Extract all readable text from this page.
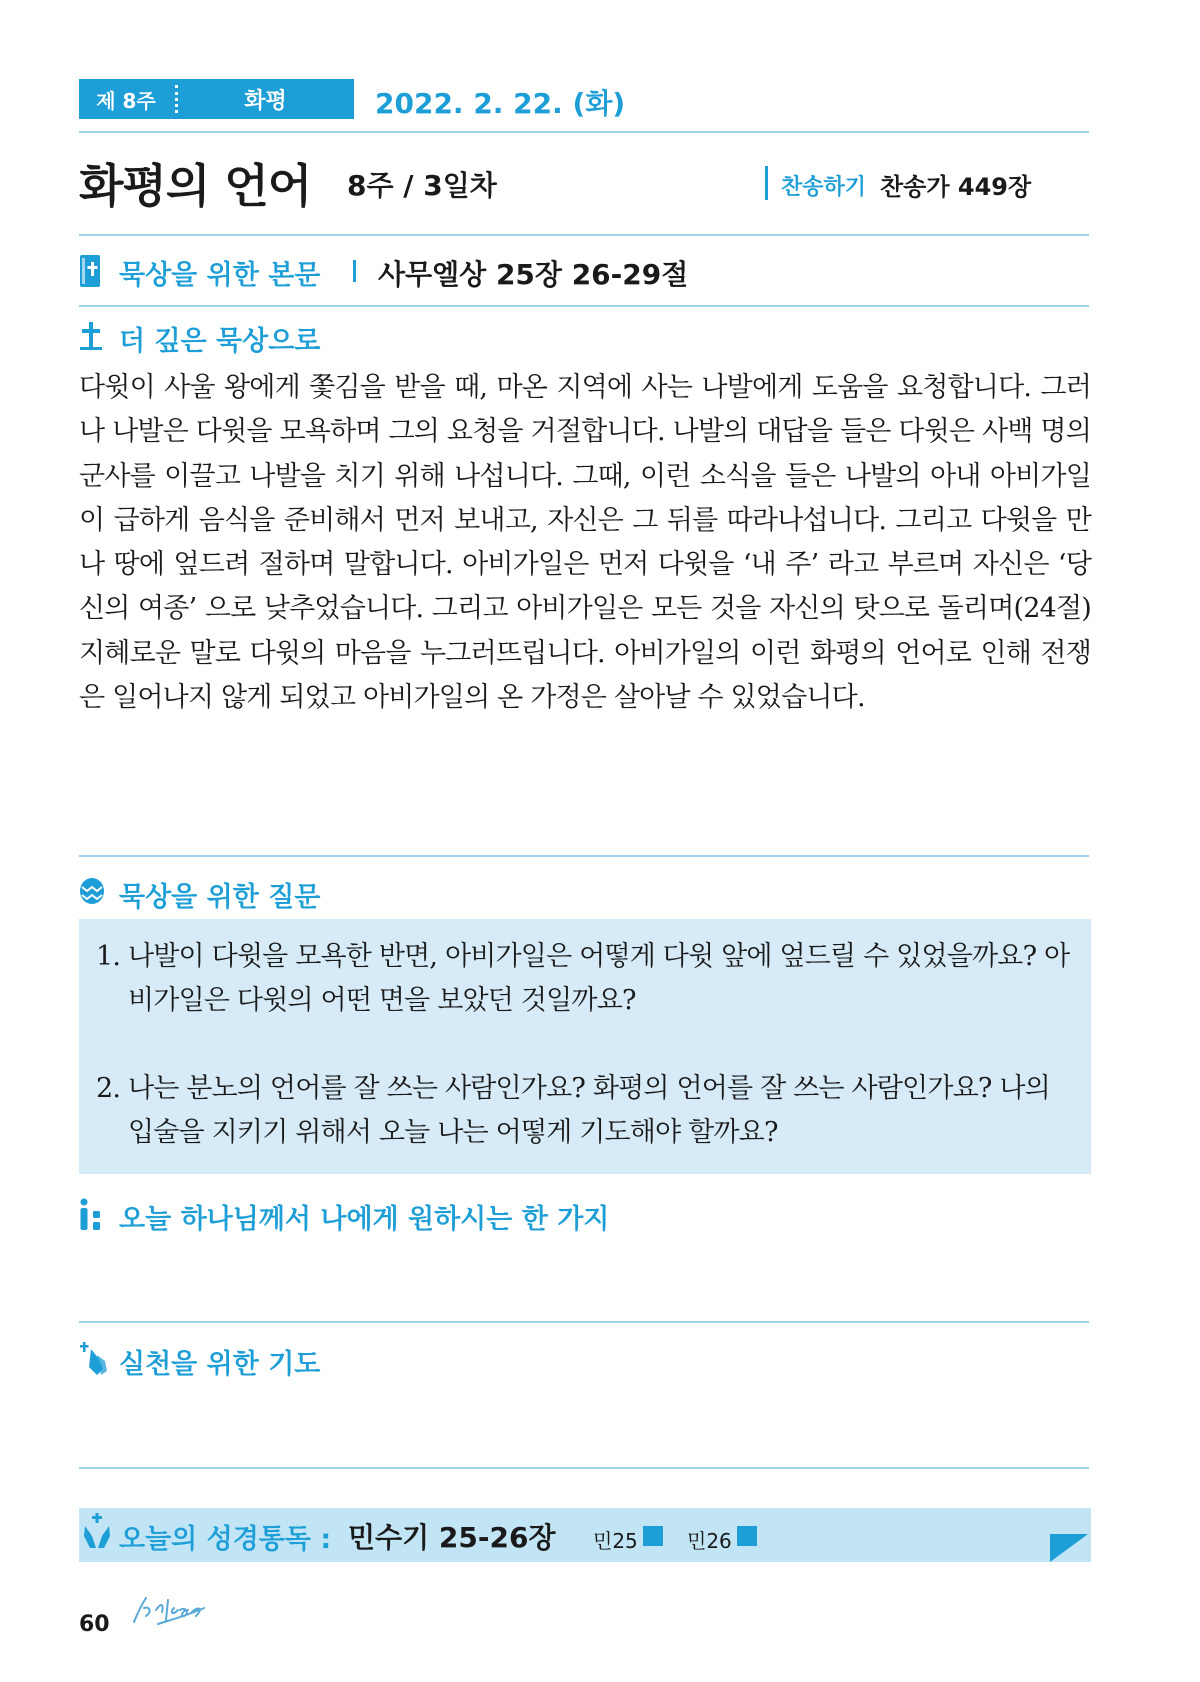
제 8주	화평	2022. 2. 22. (화)
화평의 언어 8주 / 3일차	찬송하기 찬송가 449장
묵상을 위한 본문 사무엘상 25장 26-29절
더 깊은 묵상으로
다윗이 사울 왕에게 쫓김을 받을 때, 마온 지역에 사는 나발에게 도움을 요청합니다. 그러나 나발은 다윗을 모욕하며 그의 요청을 거절합니다. 나발의 대답을 들은 다윗은 사백 명의 군사를 이끌고 나발을 치기 위해 나섭니다. 그때, 이런 소식을 들은 나발의 아내 아비가일이 급하게 음식을 준비해서 먼저 보내고, 자신은 그 뒤를 따라나섭니다. 그리고 다윗을 만나 땅에 엎드려 절하며 말합니다. 아비가일은 먼저 다윗을 ‘내 주’ 라고 부르며 자신은 ‘당신의 여종’ 으로 낮추었습니다. 그리고 아비가일은 모든 것을 자신의 탓으로 돌리며(24절) 지혜로운 말로 다윗의 마음을 누그러뜨립니다. 아비가일의 이런 화평의 언어로 인해 전쟁은 일어나지 않게 되었고 아비가일의 온 가정은 살아날 수 있었습니다.
묵상을 위한 질문
1. 나발이 다윗을 모욕한 반면, 아비가일은 어떻게 다윗 앞에 엎드릴 수 있었을까요? 아비가일은 다윗의 어떤 면을 보았던 것일까요?
2. 나는 분노의 언어를 잘 쓰는 사람인가요? 화평의 언어를 잘 쓰는 사람인가요? 나의 입술을 지키기 위해서 오늘 나는 어떻게 기도해야 할까요?
오늘 하나님께서 나에게 원하시는 한 가지
실천을 위한 기도
오늘의 성경통독 : 민수기 25-26장 민25 민26
60
